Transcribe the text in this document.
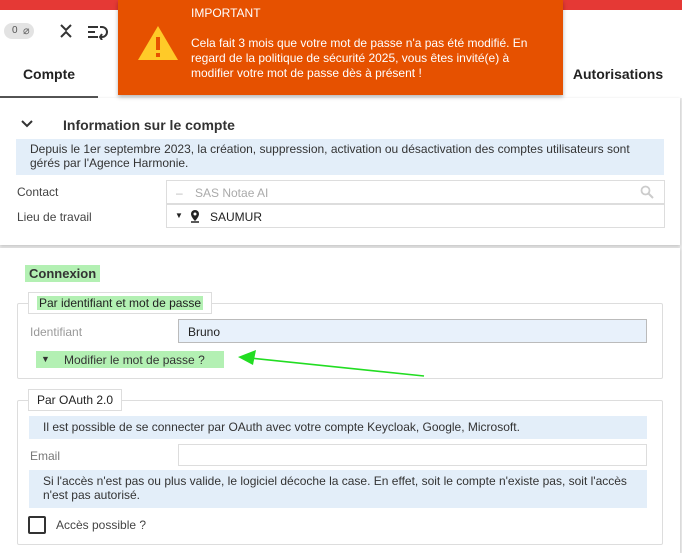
0 ⌀
Compte	Autorisations
Information sur le compte
Depuis le 1er septembre 2023, la création, suppression, activation ou désactivation des comptes utilisateurs sont gérés par l'Agence Harmonie.
Contact	– SAS Notae AI
Lieu de travail	▼ SAUMUR
Connexion
Par identifiant et mot de passe
Identifiant	Bruno
▼ Modifier le mot de passe ?
Par OAuth 2.0
Il est possible de se connecter par OAuth avec votre compte Keycloak, Google, Microsoft.
Email
Si l'accès n'est pas ou plus valide, le logiciel décoche la case. En effet, soit le compte n'existe pas, soit l'accès n'est pas autorisé.
Accès possible ?
IMPORTANT
Cela fait 3 mois que votre mot de passe n'a pas été modifié. En regard de la politique de sécurité 2025, vous êtes invité(e) à modifier votre mot de passe dès à présent !
